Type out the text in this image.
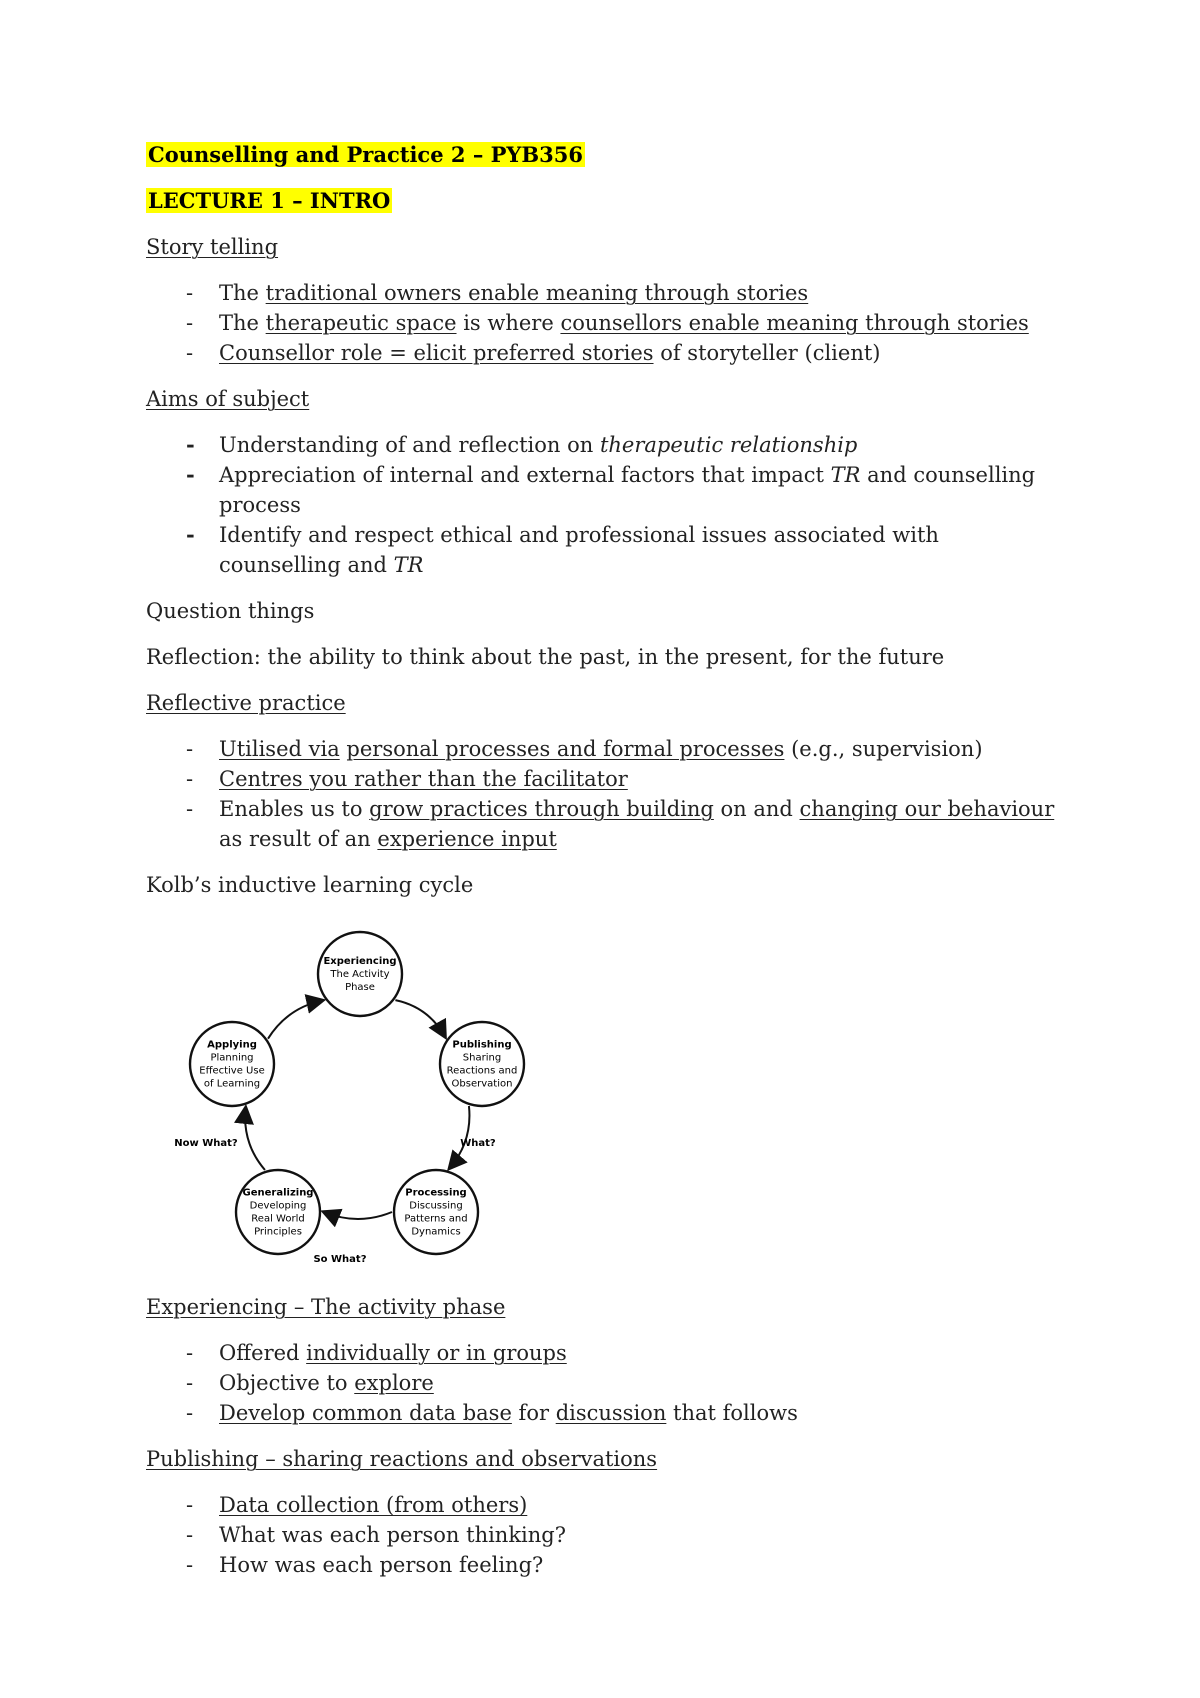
Counselling and Practice 2 – PYB356
LECTURE 1 – INTRO
Story telling
- The traditional owners enable meaning through stories
- The therapeutic space is where counsellors enable meaning through stories
- Counsellor role = elicit preferred stories of storyteller (client)
Aims of subject
- Understanding of and reflection on therapeutic relationship
- Appreciation of internal and external factors that impact TR and counselling process
- Identify and respect ethical and professional issues associated with counselling and TR
Question things
Reflection: the ability to think about the past, in the present, for the future
Reflective practice
- Utilised via personal processes and formal processes (e.g., supervision)
- Centres you rather than the facilitator
- Enables us to grow practices through building on and changing our behaviour as result of an experience input
Kolb’s inductive learning cycle
Experiencing
The Activity
Phase
Publishing
Sharing
Reactions and
Observation
Processing
Discussing
Patterns and
Dynamics
Generalizing
Developing
Real World
Principles
Applying
Planning
Effective Use
of Learning
What?
So What?
Now What?
Experiencing – The activity phase
- Offered individually or in groups
- Objective to explore
- Develop common data base for discussion that follows
Publishing – sharing reactions and observations
- Data collection (from others)
- What was each person thinking?
- How was each person feeling?
